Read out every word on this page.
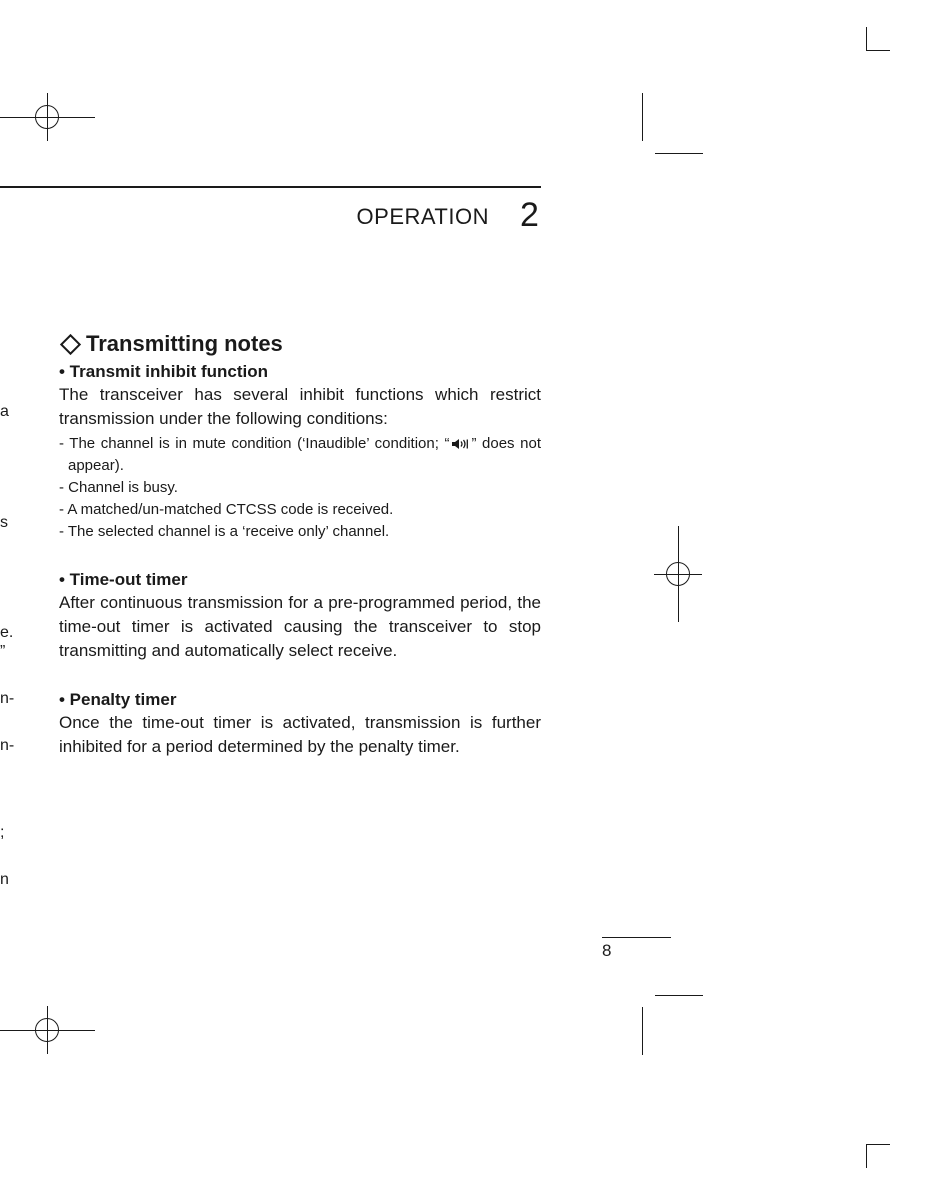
a
s
e.
”
n-
n-
;
n
OPERATION 2
Transmitting notes
• Transmit inhibit function

The transceiver has several inhibit functions which restrict transmission under the following conditions:

- The channel is in mute condition (‘Inaudible’ condition; “ ” does not appear).
- Channel is busy.
- A matched/un-matched CTCSS code is received.
- The selected channel is a ‘receive only’ channel.
• Time-out timer

After continuous transmission for a pre-programmed period, the time-out timer is activated causing the transceiver to stop transmitting and automatically select receive.

• Penalty timer

Once the time-out timer is activated, transmission is further inhibited for a period determined by the penalty timer.

8
